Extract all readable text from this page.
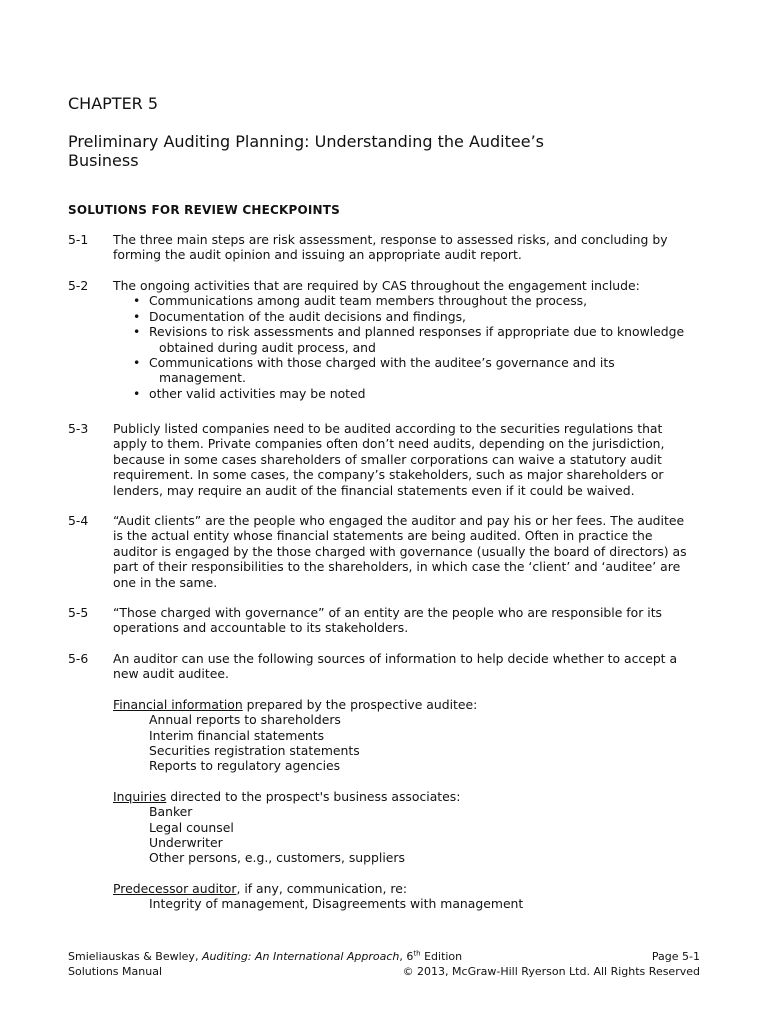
CHAPTER 5
Preliminary Auditing Planning: Understanding the Auditee’s
Business
SOLUTIONS FOR REVIEW CHECKPOINTS
5-1 The three main steps are risk assessment, response to assessed risks, and concluding by
forming the audit opinion and issuing an appropriate audit report.
5-2 The ongoing activities that are required by CAS throughout the engagement include:
• Communications among audit team members throughout the process,
• Documentation of the audit decisions and findings,
• Revisions to risk assessments and planned responses if appropriate due to knowledge
obtained during audit process, and
• Communications with those charged with the auditee’s governance and its
management.
• other valid activities may be noted
5-3 Publicly listed companies need to be audited according to the securities regulations that
apply to them. Private companies often don’t need audits, depending on the jurisdiction,
because in some cases shareholders of smaller corporations can waive a statutory audit
requirement. In some cases, the company’s stakeholders, such as major shareholders or
lenders, may require an audit of the financial statements even if it could be waived.
5-4 “Audit clients” are the people who engaged the auditor and pay his or her fees. The auditee
is the actual entity whose financial statements are being audited. Often in practice the
auditor is engaged by the those charged with governance (usually the board of directors) as
part of their responsibilities to the shareholders, in which case the ‘client’ and ‘auditee’ are
one in the same.
5-5 “Those charged with governance” of an entity are the people who are responsible for its
operations and accountable to its stakeholders.
5-6 An auditor can use the following sources of information to help decide whether to accept a
new audit auditee.
Financial information prepared by the prospective auditee:
Annual reports to shareholders
Interim financial statements
Securities registration statements
Reports to regulatory agencies
Inquiries directed to the prospect's business associates:
Banker
Legal counsel
Underwriter
Other persons, e.g., customers, suppliers
Predecessor auditor, if any, communication, re:
Integrity of management, Disagreements with management
Smieliauskas & Bewley, Auditing: An International Approach, 6th Edition	Page 5-1
Solutions Manual	© 2013, McGraw-Hill Ryerson Ltd. All Rights Reserved
